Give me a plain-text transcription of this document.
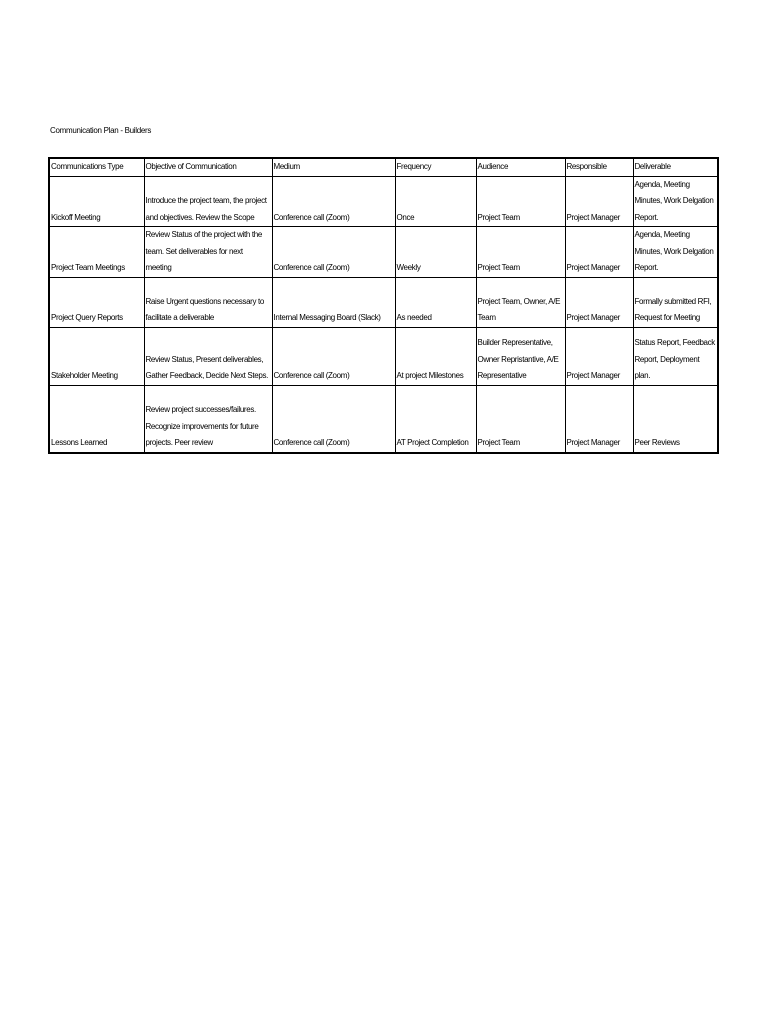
Communication Plan - Builders
Communications Type	Objective of Communication	Medium	Frequency	Audience	Responsible	Deliverable
Kickoff Meeting	Introduce the project team, the project and objectives. Review the Scope	Conference call (Zoom)	Once	Project Team	Project Manager	Agenda, Meeting Minutes, Work Delgation Report.
Project Team Meetings	Review Status of the project with the team. Set deliverables for next meeting	Conference call (Zoom)	Weekly	Project Team	Project Manager	Agenda, Meeting Minutes, Work Delgation Report.
Project Query Reports	Raise Urgent questions necessary to facilitate a deliverable	Internal Messaging Board (Slack)	As needed	Project Team, Owner, A/E Team	Project Manager	Formally submitted RFI, Request for Meeting
Stakeholder Meeting	Review Status, Present deliverables, Gather Feedback, Decide Next Steps.	Conference call (Zoom)	At project Milestones	Builder Representative, Owner Repristantive, A/E Representative	Project Manager	Status Report, Feedback Report, Deployment plan.
Lessons Learned	Review project successes/failures. Recognize improvements for future projects. Peer review	Conference call (Zoom)	AT Project Completion	Project Team	Project Manager	Peer Reviews
